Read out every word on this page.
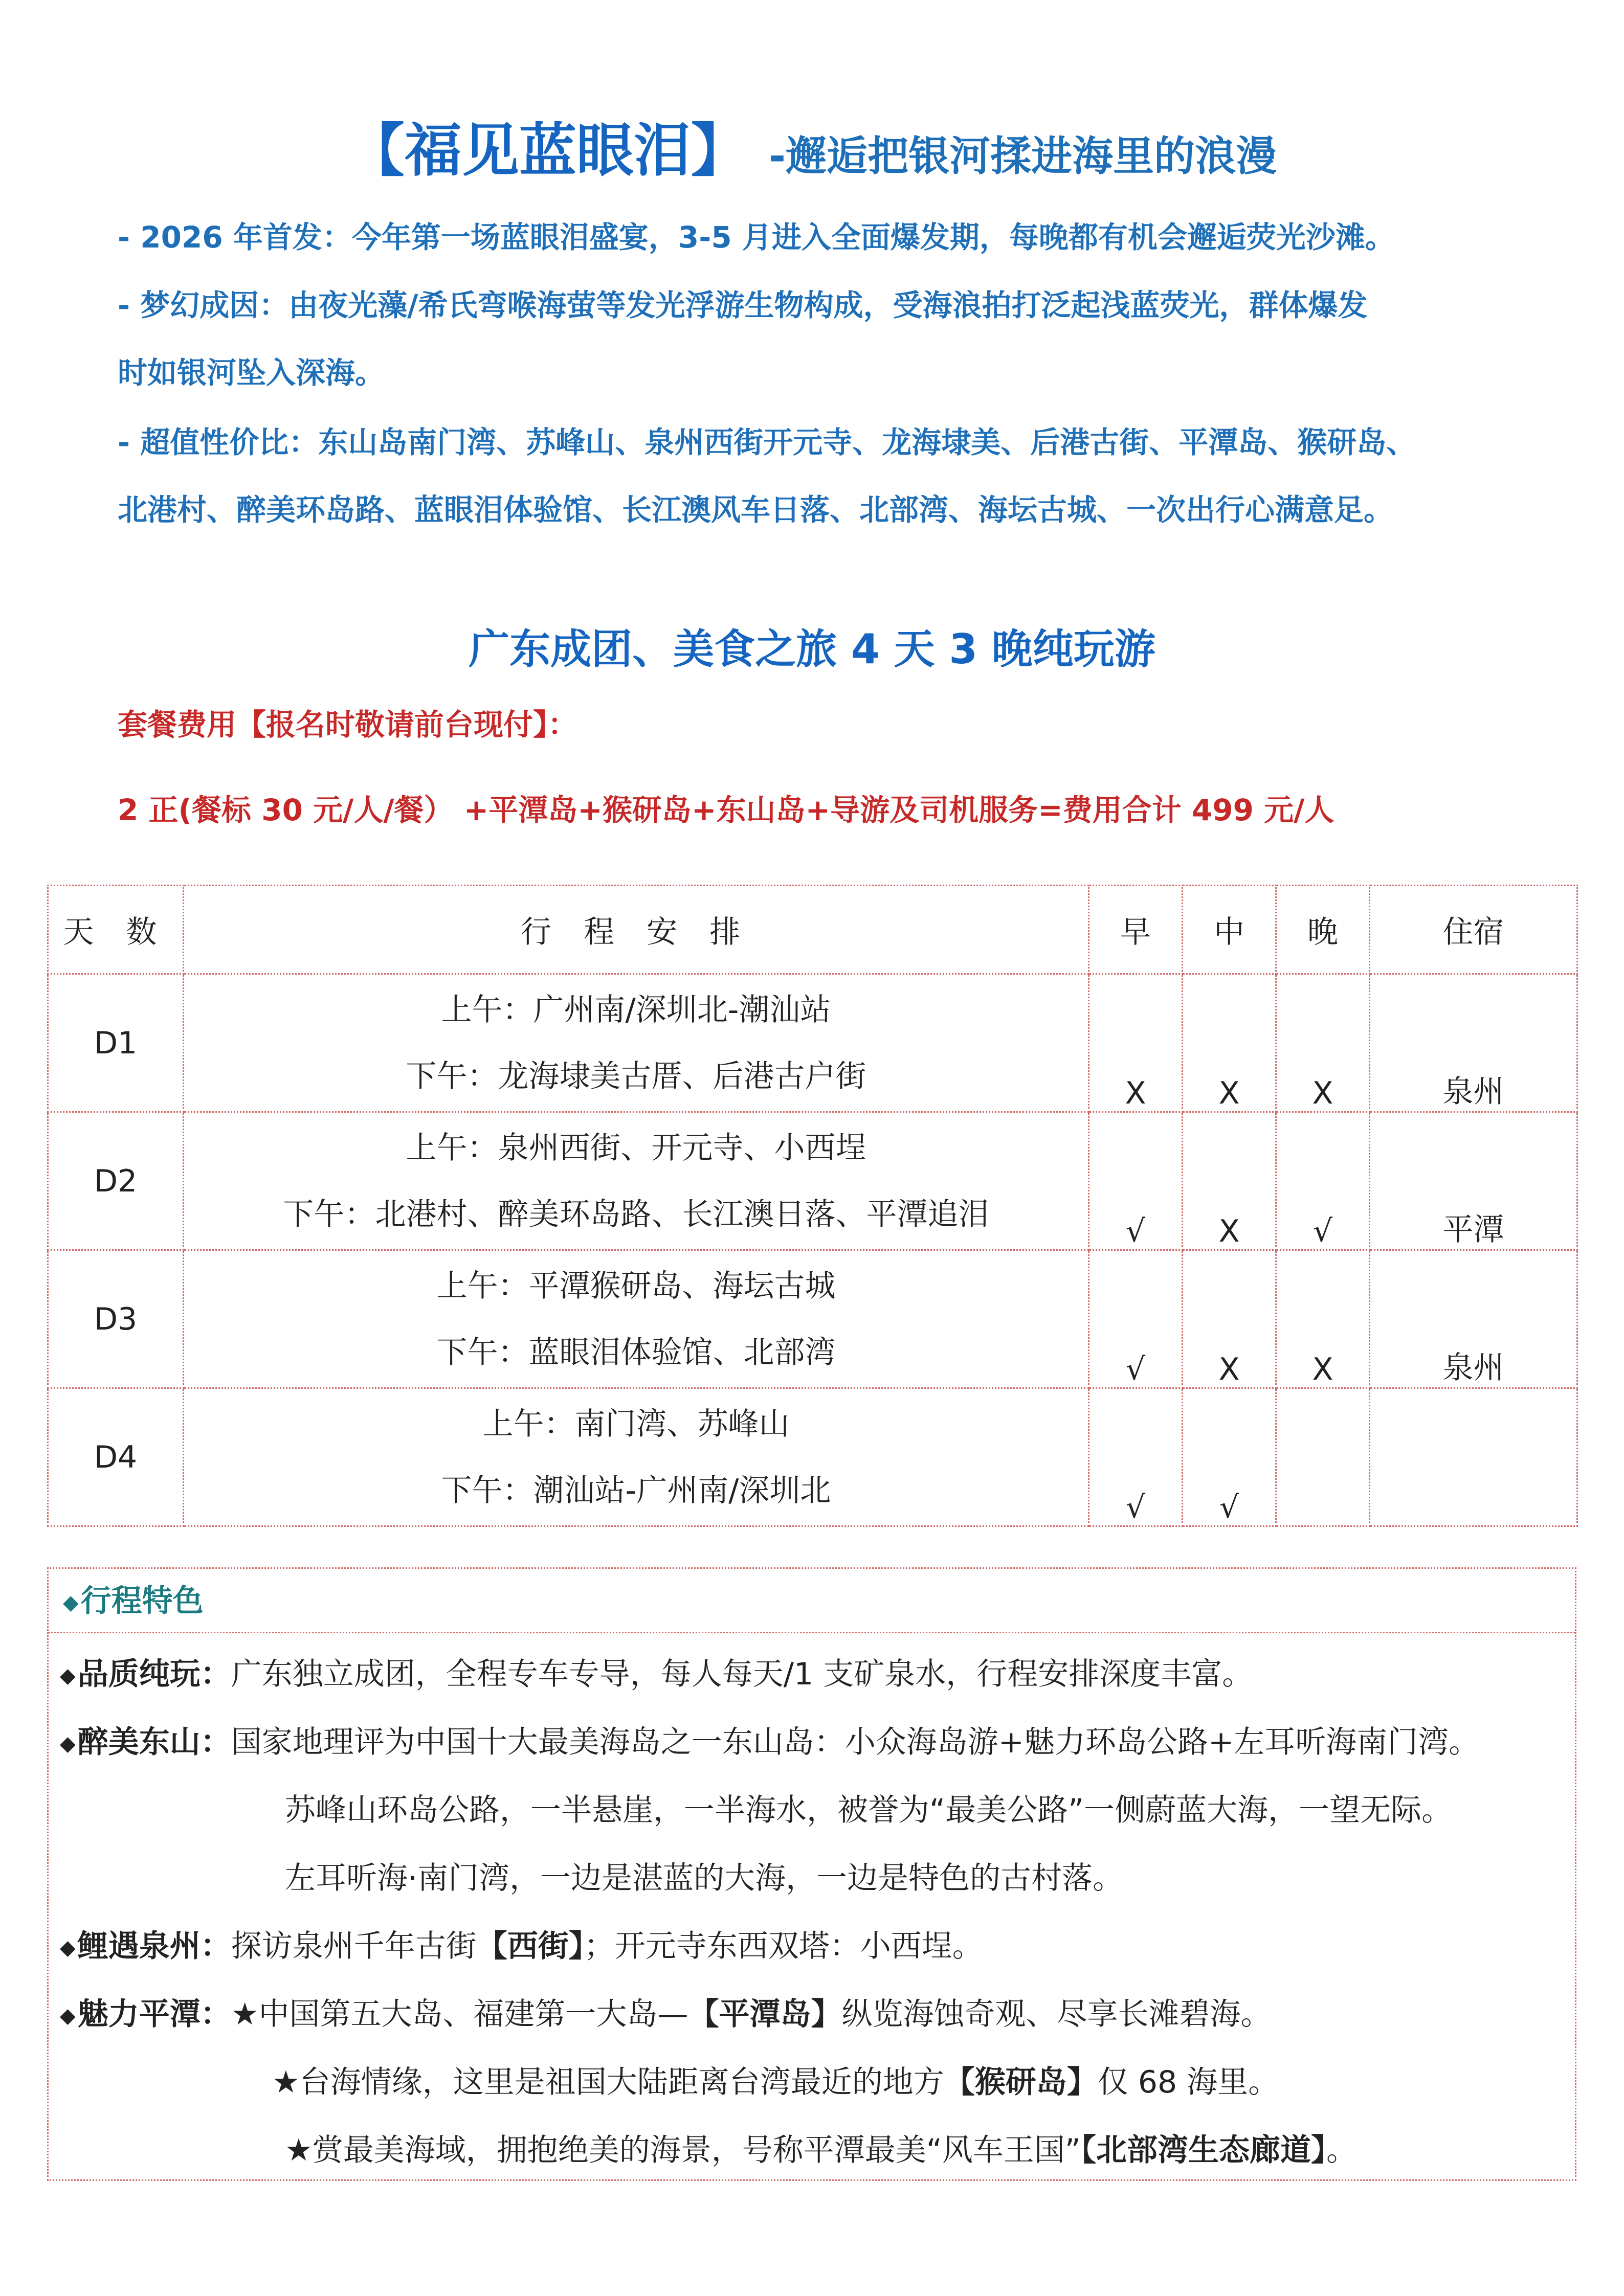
【福见蓝眼泪】 -邂逅把银河揉进海里的浪漫
- 2026 年首发：今年第一场蓝眼泪盛宴，3-5 月进入全面爆发期，每晚都有机会邂逅荧光沙滩。
- 梦幻成因：由夜光藻/希氏弯喉海萤等发光浮游生物构成，受海浪拍打泛起浅蓝荧光，群体爆发
时如银河坠入深海。
- 超值性价比：东山岛南门湾、苏峰山、泉州西街开元寺、龙海埭美、后港古街、平潭岛、猴研岛、
北港村、醉美环岛路、蓝眼泪体验馆、长江澳风车日落、北部湾、海坛古城、一次出行心满意足。
广东成团、美食之旅 4 天 3 晚纯玩游
套餐费用【报名时敬请前台现付】：
2 正(餐标 30 元/人/餐） +平潭岛+猴研岛+东山岛+导游及司机服务=费用合计 499 元/人
天 数	行 程 安 排	早	中	晚	住宿
D1	上午：广州南/深圳北-潮汕站
下午：龙海埭美古厝、后港古户街	X	X	X	泉州
D2	上午：泉州西街、开元寺、小西埕
下午：北港村、醉美环岛路、长江澳日落、平潭追泪	√	X	√	平潭
D3	上午：平潭猴研岛、海坛古城
下午：蓝眼泪体验馆、北部湾	√	X	X	泉州
D4	上午：南门湾、苏峰山
下午：潮汕站-广州南/深圳北	√	√		
◆行程特色
◆品质纯玩：广东独立成团，全程专车专导，每人每天/1 支矿泉水，行程安排深度丰富。
◆醉美东山：国家地理评为中国十大最美海岛之一东山岛：小众海岛游+魅力环岛公路+左耳听海南门湾。
苏峰山环岛公路，一半悬崖，一半海水，被誉为“最美公路”一侧蔚蓝大海，一望无际。
左耳听海·南门湾，一边是湛蓝的大海，一边是特色的古村落。
◆鲤遇泉州：探访泉州千年古街【西街】；开元寺东西双塔：小西埕。
◆魅力平潭：★中国第五大岛、福建第一大岛—【平潭岛】纵览海蚀奇观、尽享长滩碧海。
★台海情缘，这里是祖国大陆距离台湾最近的地方【猴研岛】仅 68 海里。
★赏最美海域，拥抱绝美的海景，号称平潭最美“风车王国”【北部湾生态廊道】。
